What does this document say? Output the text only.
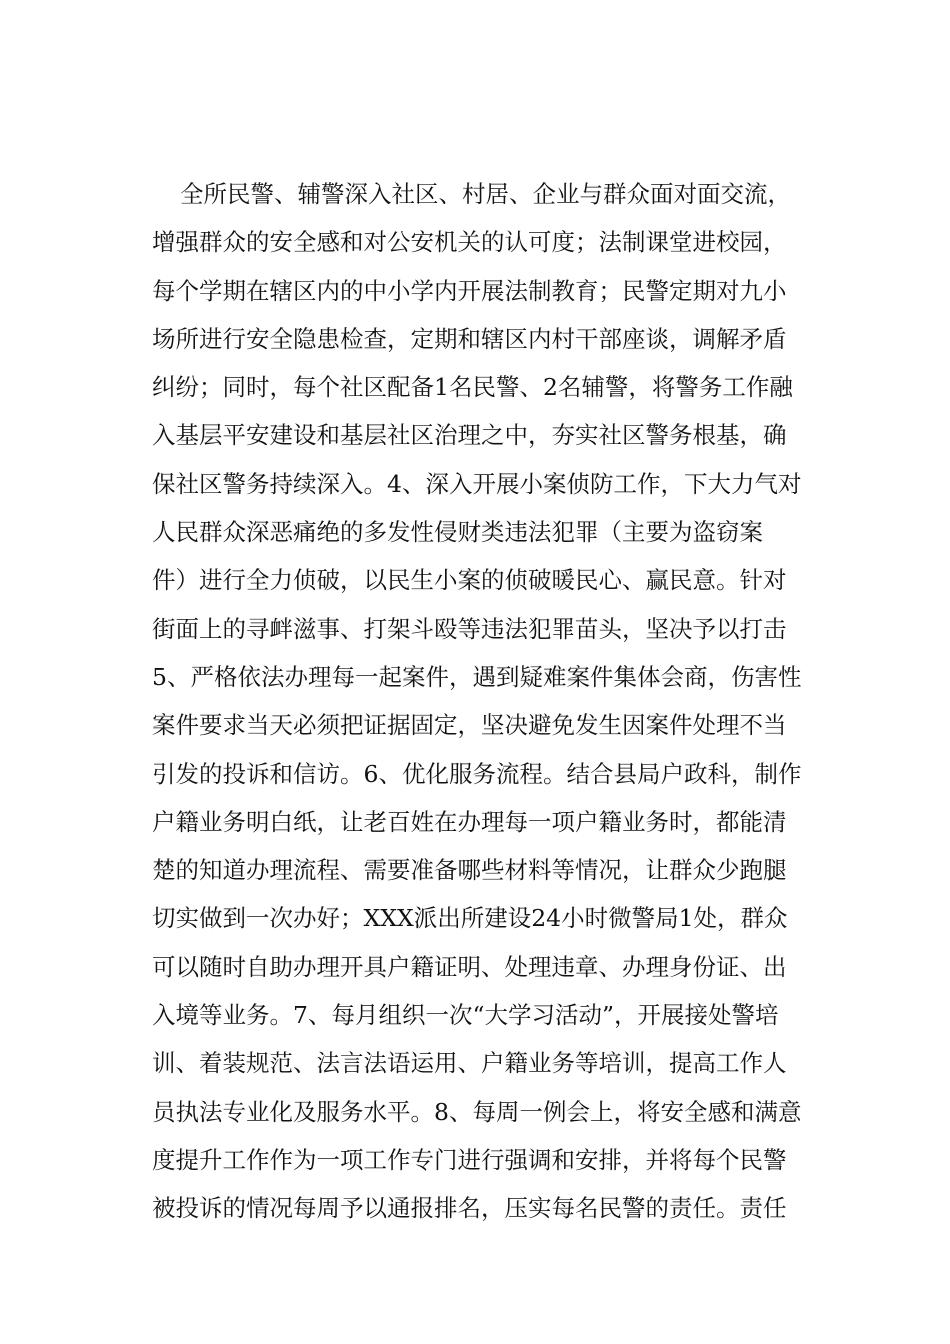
全所民警、辅警深入社区、村居、企业与群众面对面交流，
增强群众的安全感和对公安机关的认可度；法制课堂进校园，
每个学期在辖区内的中小学内开展法制教育；民警定期对九小
场所进行安全隐患检查，定期和辖区内村干部座谈，调解矛盾
纠纷；同时，每个社区配备1名民警、2名辅警，将警务工作融
入基层平安建设和基层社区治理之中，夯实社区警务根基，确
保社区警务持续深入。4、深入开展小案侦防工作，下大力气对
人民群众深恶痛绝的多发性侵财类违法犯罪（主要为盗窃案
件）进行全力侦破，以民生小案的侦破暖民心、赢民意。针对
街面上的寻衅滋事、打架斗殴等违法犯罪苗头，坚决予以打击
5、严格依法办理每一起案件，遇到疑难案件集体会商，伤害性
案件要求当天必须把证据固定，坚决避免发生因案件处理不当
引发的投诉和信访。6、优化服务流程。结合县局户政科，制作
户籍业务明白纸，让老百姓在办理每一项户籍业务时，都能清
楚的知道办理流程、需要准备哪些材料等情况，让群众少跑腿
切实做到一次办好；XXX派出所建设24小时微警局1处，群众
可以随时自助办理开具户籍证明、处理违章、办理身份证、出
入境等业务。7、每月组织一次“大学习活动”，开展接处警培
训、着装规范、法言法语运用、户籍业务等培训，提高工作人
员执法专业化及服务水平。8、每周一例会上，将安全感和满意
度提升工作作为一项工作专门进行强调和安排，并将每个民警
被投诉的情况每周予以通报排名，压实每名民警的责任。责任
